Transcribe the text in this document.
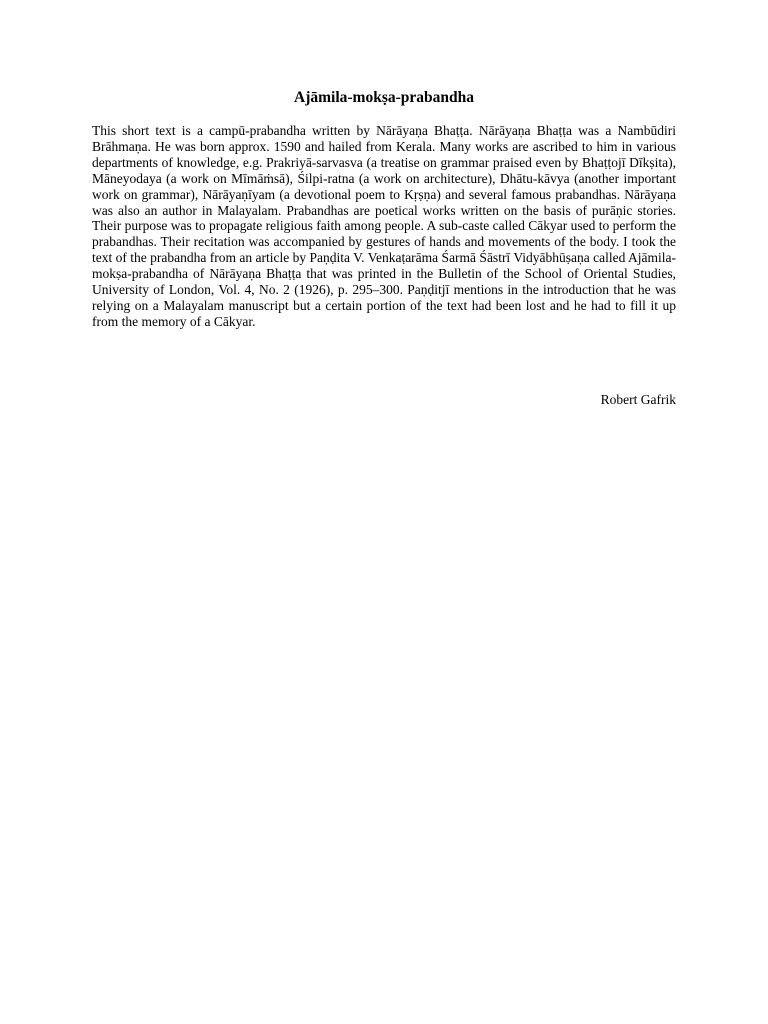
Ajāmila-mokṣa-prabandha

This short text is a campū-prabandha written by Nārāyaṇa Bhaṭṭa. Nārāyaṇa Bhaṭṭa was a Nambūdiri Brāhmaṇa. He was born approx. 1590 and hailed from Kerala. Many works are ascribed to him in various departments of knowledge, e.g. Prakriyā-sarvasva (a treatise on grammar praised even by Bhaṭṭojī Dīkṣita), Māneyodaya (a work on Mīmāṁsā), Śilpi-ratna (a work on architecture), Dhātu-kāvya (another important work on grammar), Nārāyaṇīyam (a devotional poem to Kṛṣṇa) and several famous prabandhas. Nārāyaṇa was also an author in Malayalam. Prabandhas are poetical works written on the basis of purāṇic stories. Their purpose was to propagate religious faith among people. A sub-caste called Cākyar used to perform the prabandhas. Their recitation was accompanied by gestures of hands and movements of the body. I took the text of the prabandha from an article by Paṇḍita V. Venkaṭarāma Śarmā Śāstrī Vidyābhūṣaṇa called Ajāmila-mokṣa-prabandha of Nārāyaṇa Bhaṭṭa that was printed in the Bulletin of the School of Oriental Studies, University of London, Vol. 4, No. 2 (1926), p. 295–300. Paṇḍitjī mentions in the introduction that he was relying on a Malayalam manuscript but a certain portion of the text had been lost and he had to fill it up from the memory of a Cākyar.

Robert Gafrik
